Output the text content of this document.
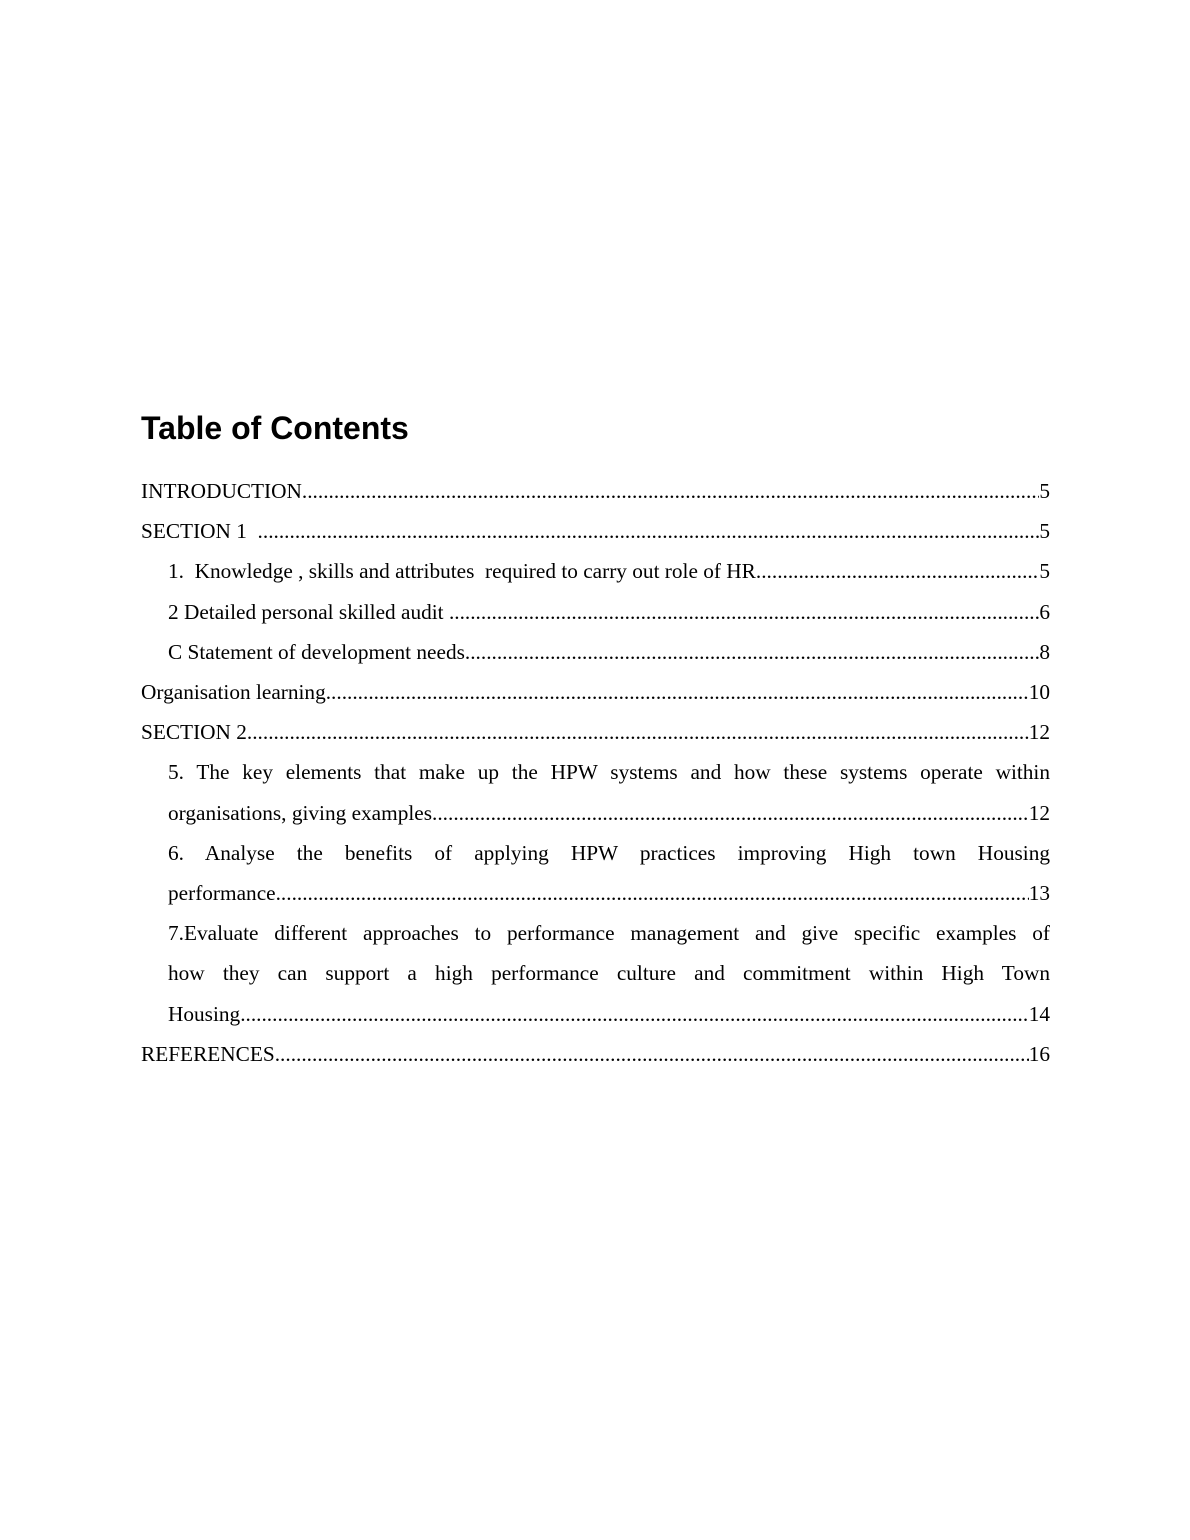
Table of Contents
INTRODUCTION .....	5
SECTION 1 .....	5
1.  Knowledge , skills and attributes  required to carry out role of HR .....	5
2 Detailed personal skilled audit .....	6
C Statement of development needs .....	8
Organisation learning .....	10
SECTION 2 .....	12
5. The key elements that make up the HPW systems and how these systems operate within
organisations, giving examples .....	12
6. Analyse the benefits of applying HPW practices improving High town Housing
performance .....	13
7.Evaluate different approaches to performance management and give specific examples of
how they can support a high performance culture and commitment within High Town
Housing .....	14
REFERENCES .....	16
